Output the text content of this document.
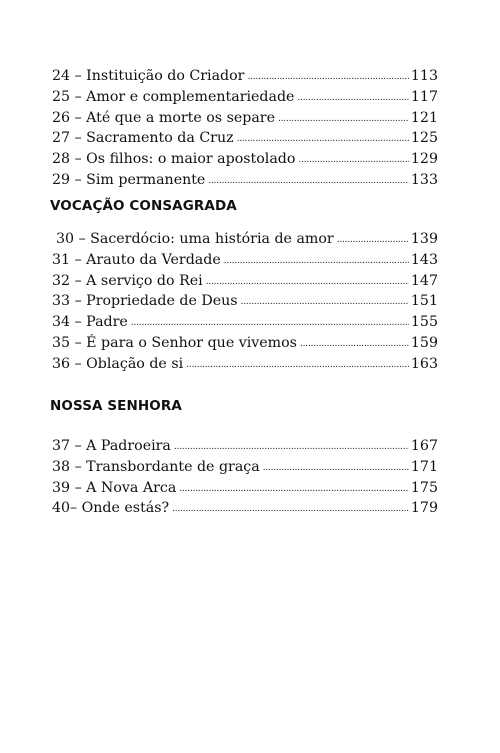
24 – Instituição do Criador .....	113
25 – Amor e complementariedade .....	117
26 – Até que a morte os separe .....	121
27 – Sacramento da Cruz .....	125
28 – Os filhos: o maior apostolado .....	129
29 – Sim permanente .....	133
VOCAÇÃO CONSAGRADA
30 – Sacerdócio: uma história de amor .....	139
31 – Arauto da Verdade .....	143
32 – A serviço do Rei .....	147
33 – Propriedade de Deus .....	151
34 – Padre .....	155
35 – É para o Senhor que vivemos .....	159
36 – Oblação de si .....	163
NOSSA SENHORA
37 – A Padroeira .....	167
38 – Transbordante de graça .....	171
39 – A Nova Arca .....	175
40– Onde estás? .....	179
